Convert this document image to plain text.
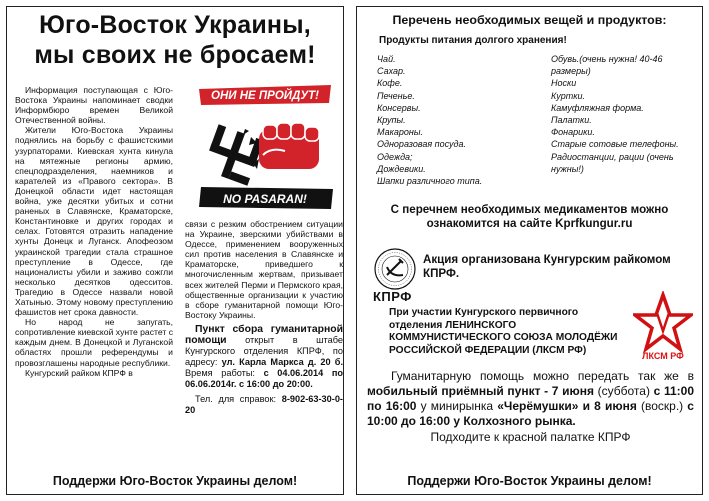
Юго-Восток Украины,
мы своих не бросаем!

Информация поступающая с Юго-Востока Украины напоминает сводки Информбюро времен Великой Отечественной войны.

Жители Юго-Востока Украины поднялись на борьбу с фашистскими узурпаторами. Киевская хунта кинула на мятежные регионы армию, спецподразделения, наемников и карателей из «Правого сектора». В Донецкой области идет настоящая война, уже десятки убитых и сотни раненых в Славянске, Краматорске, Константиновке и других городах и селах. Готовятся отразить нападение хунты Донецк и Луганск. Апофеозом украинской трагедии стала страшное преступление в Одессе, где националисты убили и заживо сожгли несколько десятков одесситов. Трагедию в Одессе назвали новой Хатынью. Этому новому преступлению фашистов нет срока давности.

Но народ не запугать, сопротивление киевской хунте растет с каждым днем. В Донецкой и Луганской областях прошли референдумы и провозглашены народные республики.

Кунгурский райком КПРФ в

ОНИ НЕ ПРОЙДУТ!
NO PASARAN!

связи с резким обострением ситуации на Украине, зверскими убийствами в Одессе, применением вооруженных сил против населения в Славянске и Краматорске, приведшего к многочисленным жертвам, призывает всех жителей Перми и Пермского края, общественные организации к участию в сборе гуманитарной помощи Юго-Востоку Украины.

Пункт сбора гуманитарной помощи открыт в штабе Кунгурского отделения КПРФ, по адресу: ул. Карла Маркса д. 20 б. Время работы: с 04.06.2014 по 06.06.2014г. с 16:00 до 20:00.

Тел. для справок: 8-902-63-30-0-20

Поддержи Юго-Восток Украины делом!
Перечень необходимых вещей и продуктов:
Продукты питания долгого хранения!
Чай.
Сахар.
Кофе.
Печенье.
Консервы.
Крупы.
Макароны.
Одноразовая посуда.
Одежда;
Дождевики.
Шапки различного типа.
Обувь.(очень нужна! 40-46 размеры)
Носки
Куртки.
Камуфляжная форма.
Палатки.
Фонарики.
Старые сотовые телефоны.
Радиостанции, рации (очень нужны!)
С перечнем необходимых медикаментов можно ознакомится на сайте Kprfkungur.ru
Акция организована Кунгурским райкомом КПРФ.
КПРФ
При участии Кунгурского первичного отделения ЛЕНИНСКОГО КОММУНИСТИЧЕСКОГО СОЮЗА МОЛОДЁЖИ РОССИЙСКОЙ ФЕДЕРАЦИИ (ЛКСМ РФ)
ЛКСМ РФ
Гуманитарную помощь можно передать так же в мобильный приёмный пункт - 7 июня (суббота) с 11:00 по 16:00 у минирынка «Черёмушки» и 8 июня (воскр.) с 10:00 до 16:00 у Колхозного рынка.
Подходите к красной палатке КПРФ
Поддержи Юго-Восток Украины делом!
